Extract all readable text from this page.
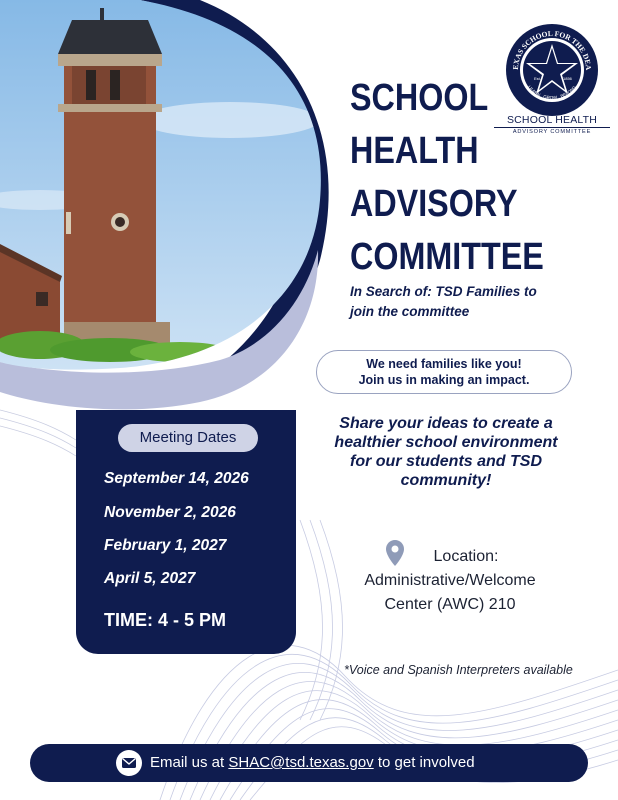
EXAS SCHOOL FOR THE DEA
LEARN . GROW . BELONG
Est.	1856
SCHOOL HEALTH
ADVISORY COMMITTEE
SCHOOL
HEALTH
ADVISORY
COMMITTEE
In Search of: TSD Families to
join the committee
We need families like you!
Join us in making an impact.
Share your ideas to create a
healthier school environment
for our students and TSD
community!
Meeting Dates
September 14, 2026
November 2, 2026
February 1, 2027
April 5, 2027
TIME: 4 - 5 PM
Location:
Administrative/Welcome
Center (AWC) 210
*Voice and Spanish Interpreters available
Email us at SHAC@tsd.texas.gov to get involved
